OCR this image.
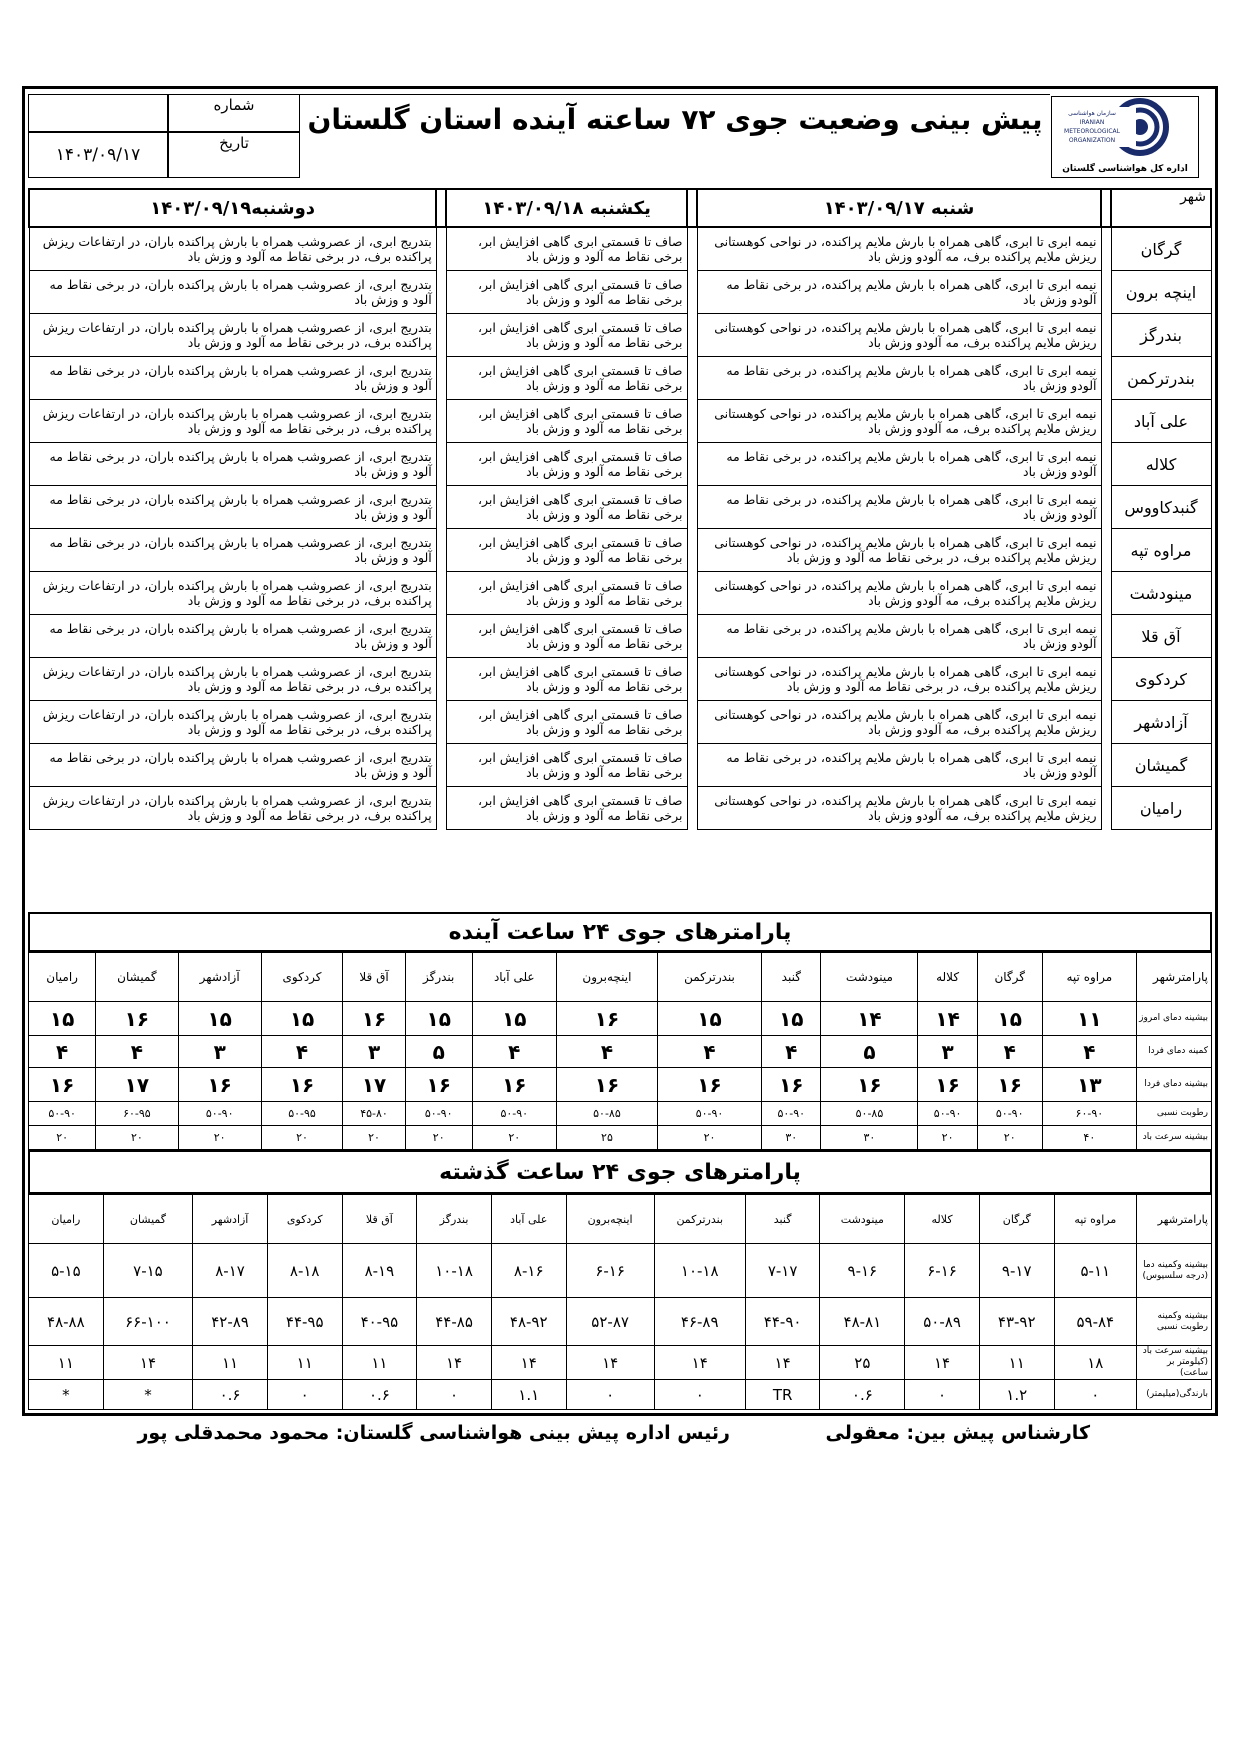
۱۴۰۳/۰۹/۱۷
شماره
تاریخ
پیش بینی وضعیت جوی ۷۲ ساعته آینده استان گلستان	سازمان هواشناسی
IRANIAN
METEOROLOGICAL
ORGANIZATION
اداره کل هواشناسی گلستان
شهر		شنبه ۱۴۰۳/۰۹/۱۷		یکشنبه ۱۴۰۳/۰۹/۱۸		دوشنبه۱۴۰۳/۰۹/۱۹
گرگان		نیمه ابری تا ابری، گاهی همراه با بارش ملایم پراکنده، در نواحی کوهستانی ریزش ملایم پراکنده برف، مه آلودو وزش باد		صاف تا قسمتی ابری گاهی افزایش ابر، برخی نقاط مه آلود و وزش باد		بتدریج ابری، از عصروشب همراه با بارش پراکنده باران، در ارتفاعات ریزش پراکنده برف، در برخی نقاط مه آلود و وزش باد
اینچه برون		نیمه ابری تا ابری، گاهی همراه با بارش ملایم پراکنده، در برخی نقاط مه آلودو وزش باد		صاف تا قسمتی ابری گاهی افزایش ابر، برخی نقاط مه آلود و وزش باد		بتدریج ابری، از عصروشب همراه با بارش پراکنده باران، در برخی نقاط مه آلود و وزش باد
بندرگز		نیمه ابری تا ابری، گاهی همراه با بارش ملایم پراکنده، در نواحی کوهستانی ریزش ملایم پراکنده برف، مه آلودو وزش باد		صاف تا قسمتی ابری گاهی افزایش ابر، برخی نقاط مه آلود و وزش باد		بتدریج ابری، از عصروشب همراه با بارش پراکنده باران، در ارتفاعات ریزش پراکنده برف، در برخی نقاط مه آلود و وزش باد
بندرترکمن		نیمه ابری تا ابری، گاهی همراه با بارش ملایم پراکنده، در برخی نقاط مه آلودو وزش باد		صاف تا قسمتی ابری گاهی افزایش ابر، برخی نقاط مه آلود و وزش باد		بتدریج ابری، از عصروشب همراه با بارش پراکنده باران، در برخی نقاط مه آلود و وزش باد
علی آباد		نیمه ابری تا ابری، گاهی همراه با بارش ملایم پراکنده، در نواحی کوهستانی ریزش ملایم پراکنده برف، مه آلودو وزش باد		صاف تا قسمتی ابری گاهی افزایش ابر، برخی نقاط مه آلود و وزش باد		بتدریج ابری، از عصروشب همراه با بارش پراکنده باران، در ارتفاعات ریزش پراکنده برف، در برخی نقاط مه آلود و وزش باد
کلاله		نیمه ابری تا ابری، گاهی همراه با بارش ملایم پراکنده، در برخی نقاط مه آلودو وزش باد		صاف تا قسمتی ابری گاهی افزایش ابر، برخی نقاط مه آلود و وزش باد		بتدریج ابری، از عصروشب همراه با بارش پراکنده باران، در برخی نقاط مه آلود و وزش باد
گنبدکاووس		نیمه ابری تا ابری، گاهی همراه با بارش ملایم پراکنده، در برخی نقاط مه آلودو وزش باد		صاف تا قسمتی ابری گاهی افزایش ابر، برخی نقاط مه آلود و وزش باد		بتدریج ابری، از عصروشب همراه با بارش پراکنده باران، در برخی نقاط مه آلود و وزش باد
مراوه تپه		نیمه ابری تا ابری، گاهی همراه با بارش ملایم پراکنده، در نواحی کوهستانی ریزش ملایم پراکنده برف، در برخی نقاط مه آلود و وزش باد		صاف تا قسمتی ابری گاهی افزایش ابر، برخی نقاط مه آلود و وزش باد		بتدریج ابری، از عصروشب همراه با بارش پراکنده باران، در برخی نقاط مه آلود و وزش باد
مینودشت		نیمه ابری تا ابری، گاهی همراه با بارش ملایم پراکنده، در نواحی کوهستانی ریزش ملایم پراکنده برف، مه آلودو وزش باد		صاف تا قسمتی ابری گاهی افزایش ابر، برخی نقاط مه آلود و وزش باد		بتدریج ابری، از عصروشب همراه با بارش پراکنده باران، در ارتفاعات ریزش پراکنده برف، در برخی نقاط مه آلود و وزش باد
آق قلا		نیمه ابری تا ابری، گاهی همراه با بارش ملایم پراکنده، در برخی نقاط مه آلودو وزش باد		صاف تا قسمتی ابری گاهی افزایش ابر، برخی نقاط مه آلود و وزش باد		بتدریج ابری، از عصروشب همراه با بارش پراکنده باران، در برخی نقاط مه آلود و وزش باد
کردکوی		نیمه ابری تا ابری، گاهی همراه با بارش ملایم پراکنده، در نواحی کوهستانی ریزش ملایم پراکنده برف، در برخی نقاط مه آلود و وزش باد		صاف تا قسمتی ابری گاهی افزایش ابر، برخی نقاط مه آلود و وزش باد		بتدریج ابری، از عصروشب همراه با بارش پراکنده باران، در ارتفاعات ریزش پراکنده برف، در برخی نقاط مه آلود و وزش باد
آزادشهر		نیمه ابری تا ابری، گاهی همراه با بارش ملایم پراکنده، در نواحی کوهستانی ریزش ملایم پراکنده برف، مه آلودو وزش باد		صاف تا قسمتی ابری گاهی افزایش ابر، برخی نقاط مه آلود و وزش باد		بتدریج ابری، از عصروشب همراه با بارش پراکنده باران، در ارتفاعات ریزش پراکنده برف، در برخی نقاط مه آلود و وزش باد
گمیشان		نیمه ابری تا ابری، گاهی همراه با بارش ملایم پراکنده، در برخی نقاط مه آلودو وزش باد		صاف تا قسمتی ابری گاهی افزایش ابر، برخی نقاط مه آلود و وزش باد		بتدریج ابری، از عصروشب همراه با بارش پراکنده باران، در برخی نقاط مه آلود و وزش باد
رامیان		نیمه ابری تا ابری، گاهی همراه با بارش ملایم پراکنده، در نواحی کوهستانی ریزش ملایم پراکنده برف، مه آلودو وزش باد		صاف تا قسمتی ابری گاهی افزایش ابر، برخی نقاط مه آلود و وزش باد		بتدریج ابری، از عصروشب همراه با بارش پراکنده باران، در ارتفاعات ریزش پراکنده برف، در برخی نقاط مه آلود و وزش باد
پارامترهای جوی ۲۴ ساعت آینده
پارامترشهر	مراوه تپه	گرگان	کلاله	مینودشت	گنبد	بندرترکمن	اینچه‌برون	علی آباد	بندرگز	آق قلا	کردکوی	آزادشهر	گمیشان	رامیان
بیشینه دمای امروز	۱۱	۱۵	۱۴	۱۴	۱۵	۱۵	۱۶	۱۵	۱۵	۱۶	۱۵	۱۵	۱۶	۱۵
کمینه دمای فردا	۴	۴	۳	۵	۴	۴	۴	۴	۵	۳	۴	۳	۴	۴
بیشینه دمای فردا	۱۳	۱۶	۱۶	۱۶	۱۶	۱۶	۱۶	۱۶	۱۶	۱۷	۱۶	۱۶	۱۷	۱۶
رطوبت نسبی	۶۰-۹۰	۵۰-۹۰	۵۰-۹۰	۵۰-۸۵	۵۰-۹۰	۵۰-۹۰	۵۰-۸۵	۵۰-۹۰	۵۰-۹۰	۴۵-۸۰	۵۰-۹۵	۵۰-۹۰	۶۰-۹۵	۵۰-۹۰
بیشینه سرعت باد	۴۰	۲۰	۲۰	۳۰	۳۰	۲۰	۲۵	۲۰	۲۰	۲۰	۲۰	۲۰	۲۰	۲۰
پارامترهای جوی ۲۴ ساعت گذشته
پارامترشهر	مراوه تپه	گرگان	کلاله	مینودشت	گنبد	بندرترکمن	اینچه‌برون	علی آباد	بندرگز	آق قلا	کردکوی	آزادشهر	گمیشان	رامیان
بیشینه وکمینه دما (درجه سلسیوس)	۵-۱۱	۹-۱۷	۶-۱۶	۹-۱۶	۷-۱۷	۱۰-۱۸	۶-۱۶	۸-۱۶	۱۰-۱۸	۸-۱۹	۸-۱۸	۸-۱۷	۷-۱۵	۵-۱۵
بیشینه وکمینه رطوبت نسبی	۵۹-۸۴	۴۳-۹۲	۵۰-۸۹	۴۸-۸۱	۴۴-۹۰	۴۶-۸۹	۵۲-۸۷	۴۸-۹۲	۴۴-۸۵	۴۰-۹۵	۴۴-۹۵	۴۲-۸۹	۶۶-۱۰۰	۴۸-۸۸
بیشینه سرعت باد (کیلومتر بر ساعت)	۱۸	۱۱	۱۴	۲۵	۱۴	۱۴	۱۴	۱۴	۱۴	۱۱	۱۱	۱۱	۱۴	۱۱
بارندگی(میلیمتر)	۰	۱.۲	۰	۰.۶	TR	۰	۰	۱.۱	۰	۰.۶	۰	۰.۶	*	*
کارشناس پیش بین: معقولی
رئیس اداره پیش بینی هواشناسی گلستان: محمود محمدقلی پور
